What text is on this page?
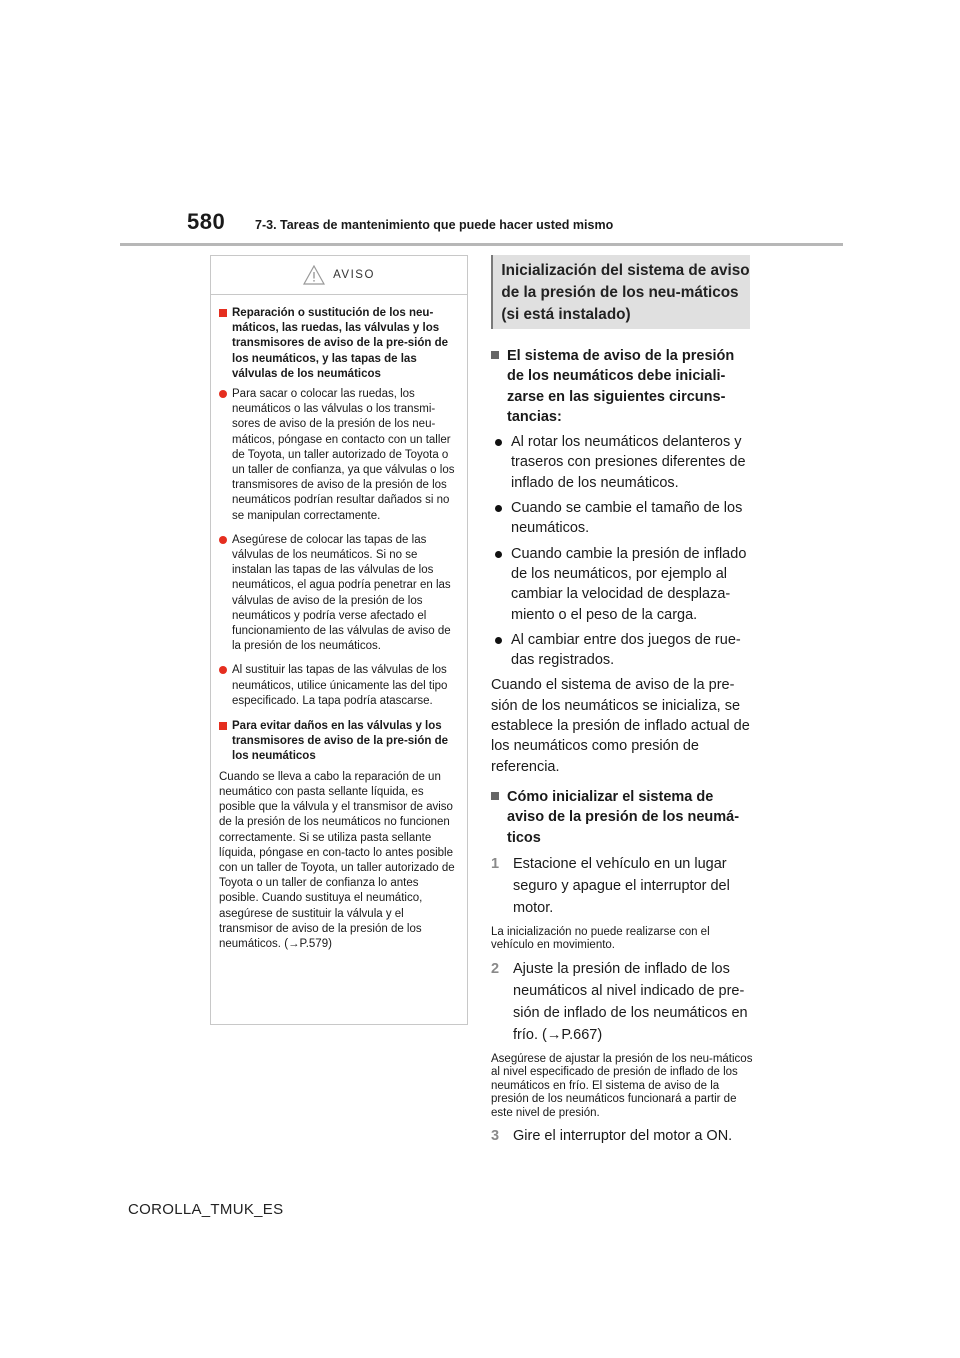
580 7-3. Tareas de mantenimiento que puede hacer usted mismo
AVISO
Reparación o sustitución de los neu-máticos, las ruedas, las válvulas y los transmisores de aviso de la pre-sión de los neumáticos, y las tapas de las válvulas de los neumáticos
Para sacar o colocar las ruedas, los neumáticos o las válvulas o los transmi-sores de aviso de la presión de los neu-máticos, póngase en contacto con un taller de Toyota, un taller autorizado de Toyota o un taller de confianza, ya que válvulas o los transmisores de aviso de la presión de los neumáticos podrían resultar dañados si no se manipulan correctamente.
Asegúrese de colocar las tapas de las válvulas de los neumáticos. Si no se instalan las tapas de las válvulas de los neumáticos, el agua podría penetrar en las válvulas de aviso de la presión de los neumáticos y podría verse afectado el funcionamiento de las válvulas de aviso de la presión de los neumáticos.
Al sustituir las tapas de las válvulas de los neumáticos, utilice únicamente las del tipo especificado. La tapa podría atascarse.
Para evitar daños en las válvulas y los transmisores de aviso de la pre-sión de los neumáticos
Cuando se lleva a cabo la reparación de un neumático con pasta sellante líquida, es posible que la válvula y el transmisor de aviso de la presión de los neumáticos no funcionen correctamente. Si se utiliza pasta sellante líquida, póngase en con-tacto lo antes posible con un taller de Toyota, un taller autorizado de Toyota o un taller de confianza lo antes posible. Cuando sustituya el neumático, asegúrese de sustituir la válvula y el transmisor de aviso de la presión de los neumáticos. (→P.579)
Inicialización del sistema de aviso de la presión de los neu-máticos (si está instalado)
El sistema de aviso de la presión de los neumáticos debe iniciali-zarse en las siguientes circuns-tancias:
Al rotar los neumáticos delanteros y traseros con presiones diferentes de inflado de los neumáticos.
Cuando se cambie el tamaño de los neumáticos.
Cuando cambie la presión de inflado de los neumáticos, por ejemplo al cambiar la velocidad de desplaza-miento o el peso de la carga.
Al cambiar entre dos juegos de rue-das registrados.
Cuando el sistema de aviso de la pre-sión de los neumáticos se inicializa, se establece la presión de inflado actual de los neumáticos como presión de referencia.
Cómo inicializar el sistema de aviso de la presión de los neumá-ticos
1 Estacione el vehículo en un lugar seguro y apague el interruptor del motor.
La inicialización no puede realizarse con el vehículo en movimiento.
2 Ajuste la presión de inflado de los neumáticos al nivel indicado de pre-sión de inflado de los neumáticos en frío. (→P.667)
Asegúrese de ajustar la presión de los neu-máticos al nivel especificado de presión de inflado de los neumáticos en frío. El sistema de aviso de la presión de los neumáticos funcionará a partir de este nivel de presión.
3 Gire el interruptor del motor a ON.
COROLLA_TMUK_ES
